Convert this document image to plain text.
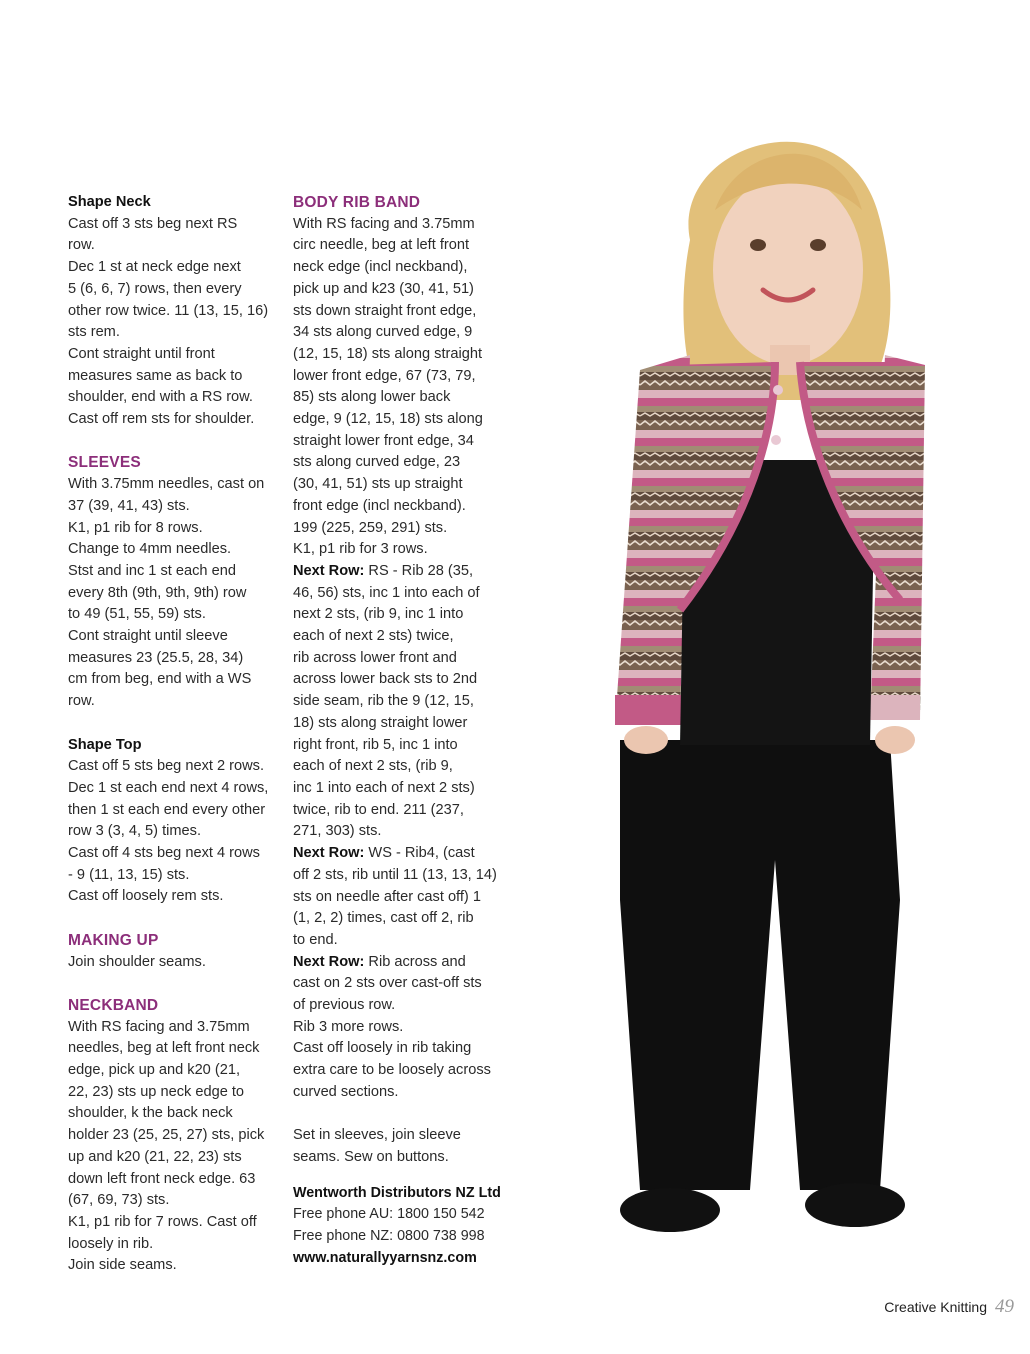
Shape Neck
Cast off 3 sts beg next RS
row.
Dec 1 st at neck edge next
5 (6, 6, 7) rows, then every
other row twice. 11 (13, 15, 16)
sts rem.
Cont straight until front
measures same as back to
shoulder, end with a RS row.
Cast off rem sts for shoulder.
SLEEVES
With 3.75mm needles, cast on
37 (39, 41, 43) sts.
K1, p1 rib for 8 rows.
Change to 4mm needles.
Stst and inc 1 st each end
every 8th (9th, 9th, 9th) row
to 49 (51, 55, 59) sts.
Cont straight until sleeve
measures 23 (25.5, 28, 34)
cm from beg, end with a WS
row.
Shape Top
Cast off 5 sts beg next 2 rows.
Dec 1 st each end next 4 rows,
then 1 st each end every other
row 3 (3, 4, 5) times.
Cast off 4 sts beg next 4 rows
- 9 (11, 13, 15) sts.
Cast off loosely rem sts.
MAKING UP
Join shoulder seams.
NECKBAND
With RS facing and 3.75mm
needles, beg at left front neck
edge, pick up and k20 (21,
22, 23) sts up neck edge to
shoulder, k the back neck
holder 23 (25, 25, 27) sts, pick
up and k20 (21, 22, 23) sts
down left front neck edge. 63
(67, 69, 73) sts.
K1, p1 rib for 7 rows. Cast off
loosely in rib.
Join side seams.
BODY RIB BAND
With RS facing and 3.75mm
circ needle, beg at left front
neck edge (incl neckband),
pick up and k23 (30, 41, 51)
sts down straight front edge,
34 sts along curved edge, 9
(12, 15, 18) sts along straight
lower front edge, 67 (73, 79,
85) sts along lower back
edge, 9 (12, 15, 18) sts along
straight lower front edge, 34
sts along curved edge, 23
(30, 41, 51) sts up straight
front edge (incl neckband).
199 (225, 259, 291) sts.
K1, p1 rib for 3 rows.
Next Row: RS - Rib 28 (35,
46, 56) sts, inc 1 into each of
next 2 sts, (rib 9, inc 1 into
each of next 2 sts) twice,
rib across lower front and
across lower back sts to 2nd
side seam, rib the 9 (12, 15,
18) sts along straight lower
right front, rib 5, inc 1 into
each of next 2 sts, (rib 9,
inc 1 into each of next 2 sts)
twice, rib to end. 211 (237,
271, 303) sts.
Next Row: WS - Rib4, (cast
off 2 sts, rib until 11 (13, 13, 14)
sts on needle after cast off) 1
(1, 2, 2) times, cast off 2, rib
to end.
Next Row: Rib across and
cast on 2 sts over cast-off sts
of previous row.
Rib 3 more rows.
Cast off loosely in rib taking
extra care to be loosely across
curved sections.
Set in sleeves, join sleeve
seams. Sew on buttons.
Wentworth Distributors NZ Ltd
Free phone AU: 1800 150 542
Free phone NZ: 0800 738 998
www.naturallyyarnsnz.com
Creative Knitting 49
